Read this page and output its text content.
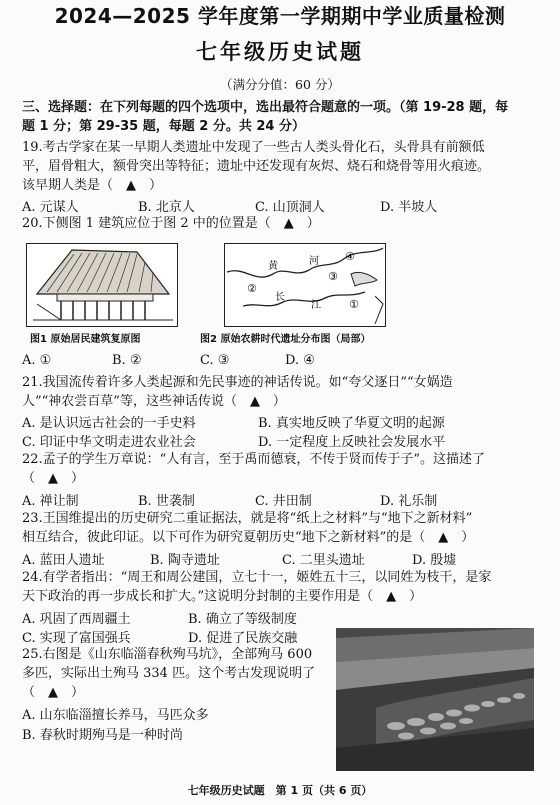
2024—2025 学年度第一学期期中学业质量检测
七年级历史试题
（满分分值：60 分）
三、选择题：在下列每题的四个选项中，选出最符合题意的一项。（第 19-28 题，每
题 1 分；第 29-35 题，每题 2 分。共 24 分）
19.考古学家在某一早期人类遗址中发现了一些古人类头骨化石，头骨具有前额低
平，眉骨粗大，额骨突出等特征；遗址中还发现有灰烬、烧石和烧骨等用火痕迹。
该早期人类是（　▲　）
A. 元谋人	B. 北京人	C. 山顶洞人	D. 半坡人
20.下侧图 1 建筑应位于图 2 中的位置是（　▲　）
图1 原始居民建筑复原图
黄	河
长
江
④
③
②
①
图2 原始农耕时代遗址分布图（局部）
A. ①	B. ②	C. ③	D. ④
21.我国流传着许多人类起源和先民事迹的神话传说。如“夸父逐日”“女娲造
人”“神农尝百草”等，这些神话传说（　▲　）
A. 是认识远古社会的一手史料	B. 真实地反映了华夏文明的起源
C. 印证中华文明走进农业社会	D. 一定程度上反映社会发展水平
22.孟子的学生万章说：“人有言，至于禹而德衰，不传于贤而传于子”。这描述了
（　▲　）
A. 禅让制	B. 世袭制	C. 井田制	D. 礼乐制
23.王国维提出的历史研究二重证据法，就是将“纸上之材料”与“地下之新材料”
相互结合，彼此印证。以下可作为研究夏朝历史“地下之新材料”的是（　▲　）
A. 蓝田人遗址	B. 陶寺遗址	C. 二里头遗址	D. 殷墟
24.有学者指出：“周王和周公建国，立七十一，姬姓五十三，以同姓为枝干，是家
天下政治的再一步成长和扩大。”这说明分封制的主要作用是（　▲　）
A. 巩固了西周疆土	B. 确立了等级制度
C. 实现了富国强兵	D. 促进了民族交融
25.右图是《山东临淄春秋殉马坑》，全部殉马 600
多匹，实际出土殉马 334 匹。这个考古发现说明了
（　▲　）
A. 山东临淄擅长养马，马匹众多
B. 春秋时期殉马是一种时尚
七年级历史试题　第 1 页（共 6 页）
